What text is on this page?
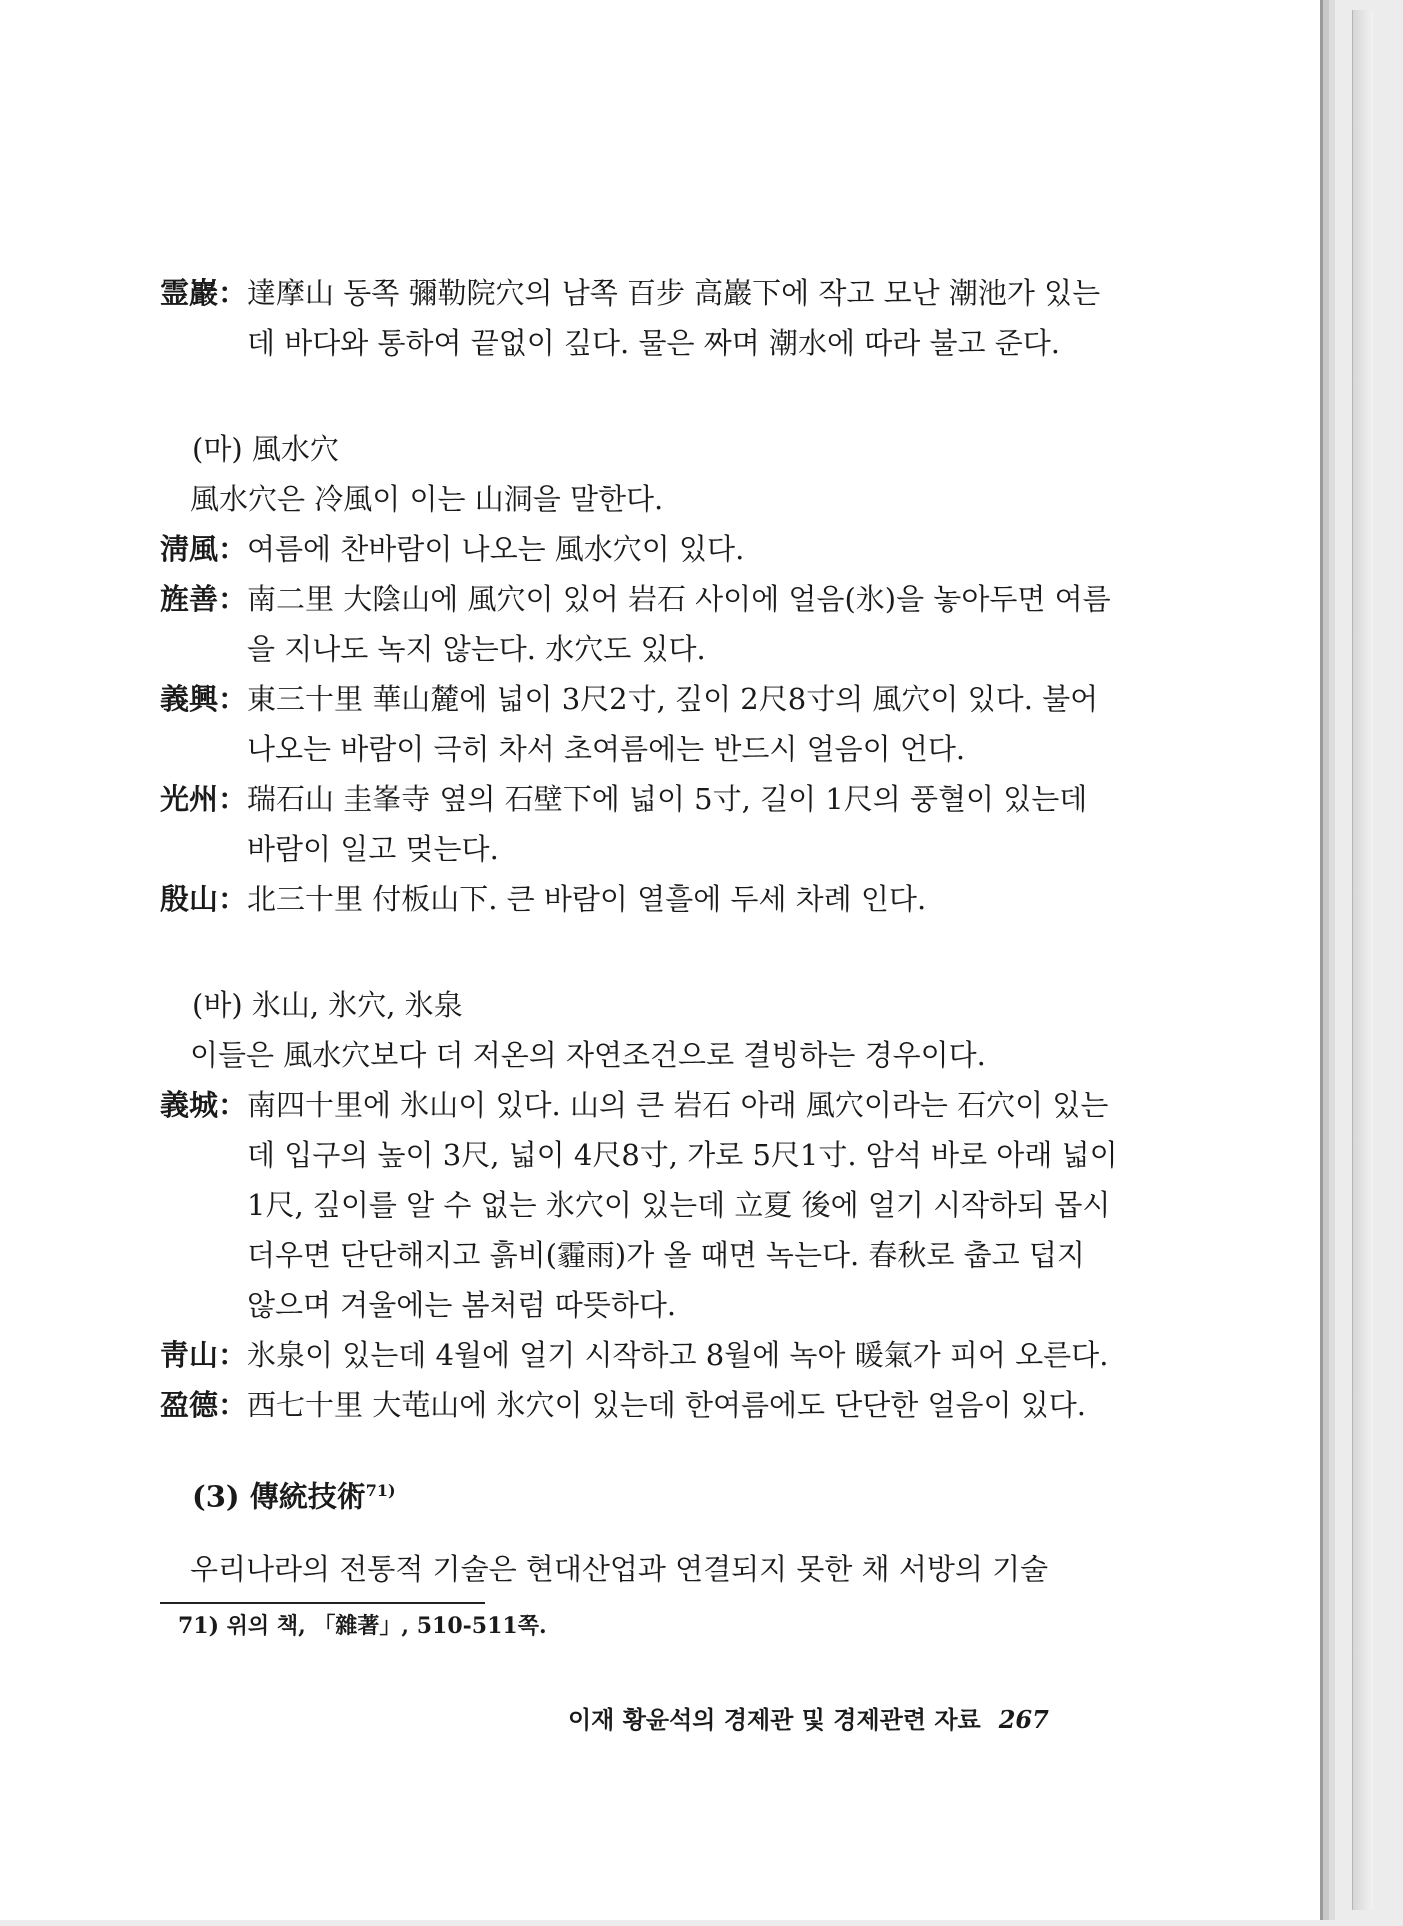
霊巖： 達摩山 동쪽 彌勒院穴의 남쪽 百步 高巖下에 작고 모난 潮池가 있는데 바다와 통하여 끝없이 깊다. 물은 짜며 潮水에 따라 불고 준다.
(마) 風水穴
風水穴은 冷風이 이는 山洞을 말한다.
淸風： 여름에 찬바람이 나오는 風水穴이 있다.
旌善： 南二里 大陰山에 風穴이 있어 岩石 사이에 얼음(氷)을 놓아두면 여름을 지나도 녹지 않는다. 水穴도 있다.
義興： 東三十里 華山麓에 넓이 3尺2寸, 깊이 2尺8寸의 風穴이 있다. 불어나오는 바람이 극히 차서 초여름에는 반드시 얼음이 언다.
光州： 瑞石山 圭峯寺 옆의 石壁下에 넓이 5寸, 길이 1尺의 풍혈이 있는데 바람이 일고 멎는다.
殷山： 北三十里 付板山下. 큰 바람이 열흘에 두세 차례 인다.
(바) 氷山, 氷穴, 氷泉
이들은 風水穴보다 더 저온의 자연조건으로 결빙하는 경우이다.
義城： 南四十里에 氷山이 있다. 山의 큰 岩石 아래 風穴이라는 石穴이 있는데 입구의 높이 3尺, 넓이 4尺8寸, 가로 5尺1寸. 암석 바로 아래 넓이 1尺, 깊이를 알 수 없는 氷穴이 있는데 立夏 後에 얼기 시작하되 몹시 더우면 단단해지고 흙비(霾雨)가 올 때면 녹는다. 春秋로 춥고 덥지 않으며 겨울에는 봄처럼 따뜻하다.
靑山： 氷泉이 있는데 4월에 얼기 시작하고 8월에 녹아 暖氣가 피어 오른다.
盈德： 西七十里 大芚山에 氷穴이 있는데 한여름에도 단단한 얼음이 있다.
(3) 傳統技術$^{71)}$
우리나라의 전통적 기술은 현대산업과 연결되지 못한 채 서방의 기술
71) 위의 책, 「雜著」, 510-511쪽.
이재 황윤석의 경제관 및 경제관련 자료 267
